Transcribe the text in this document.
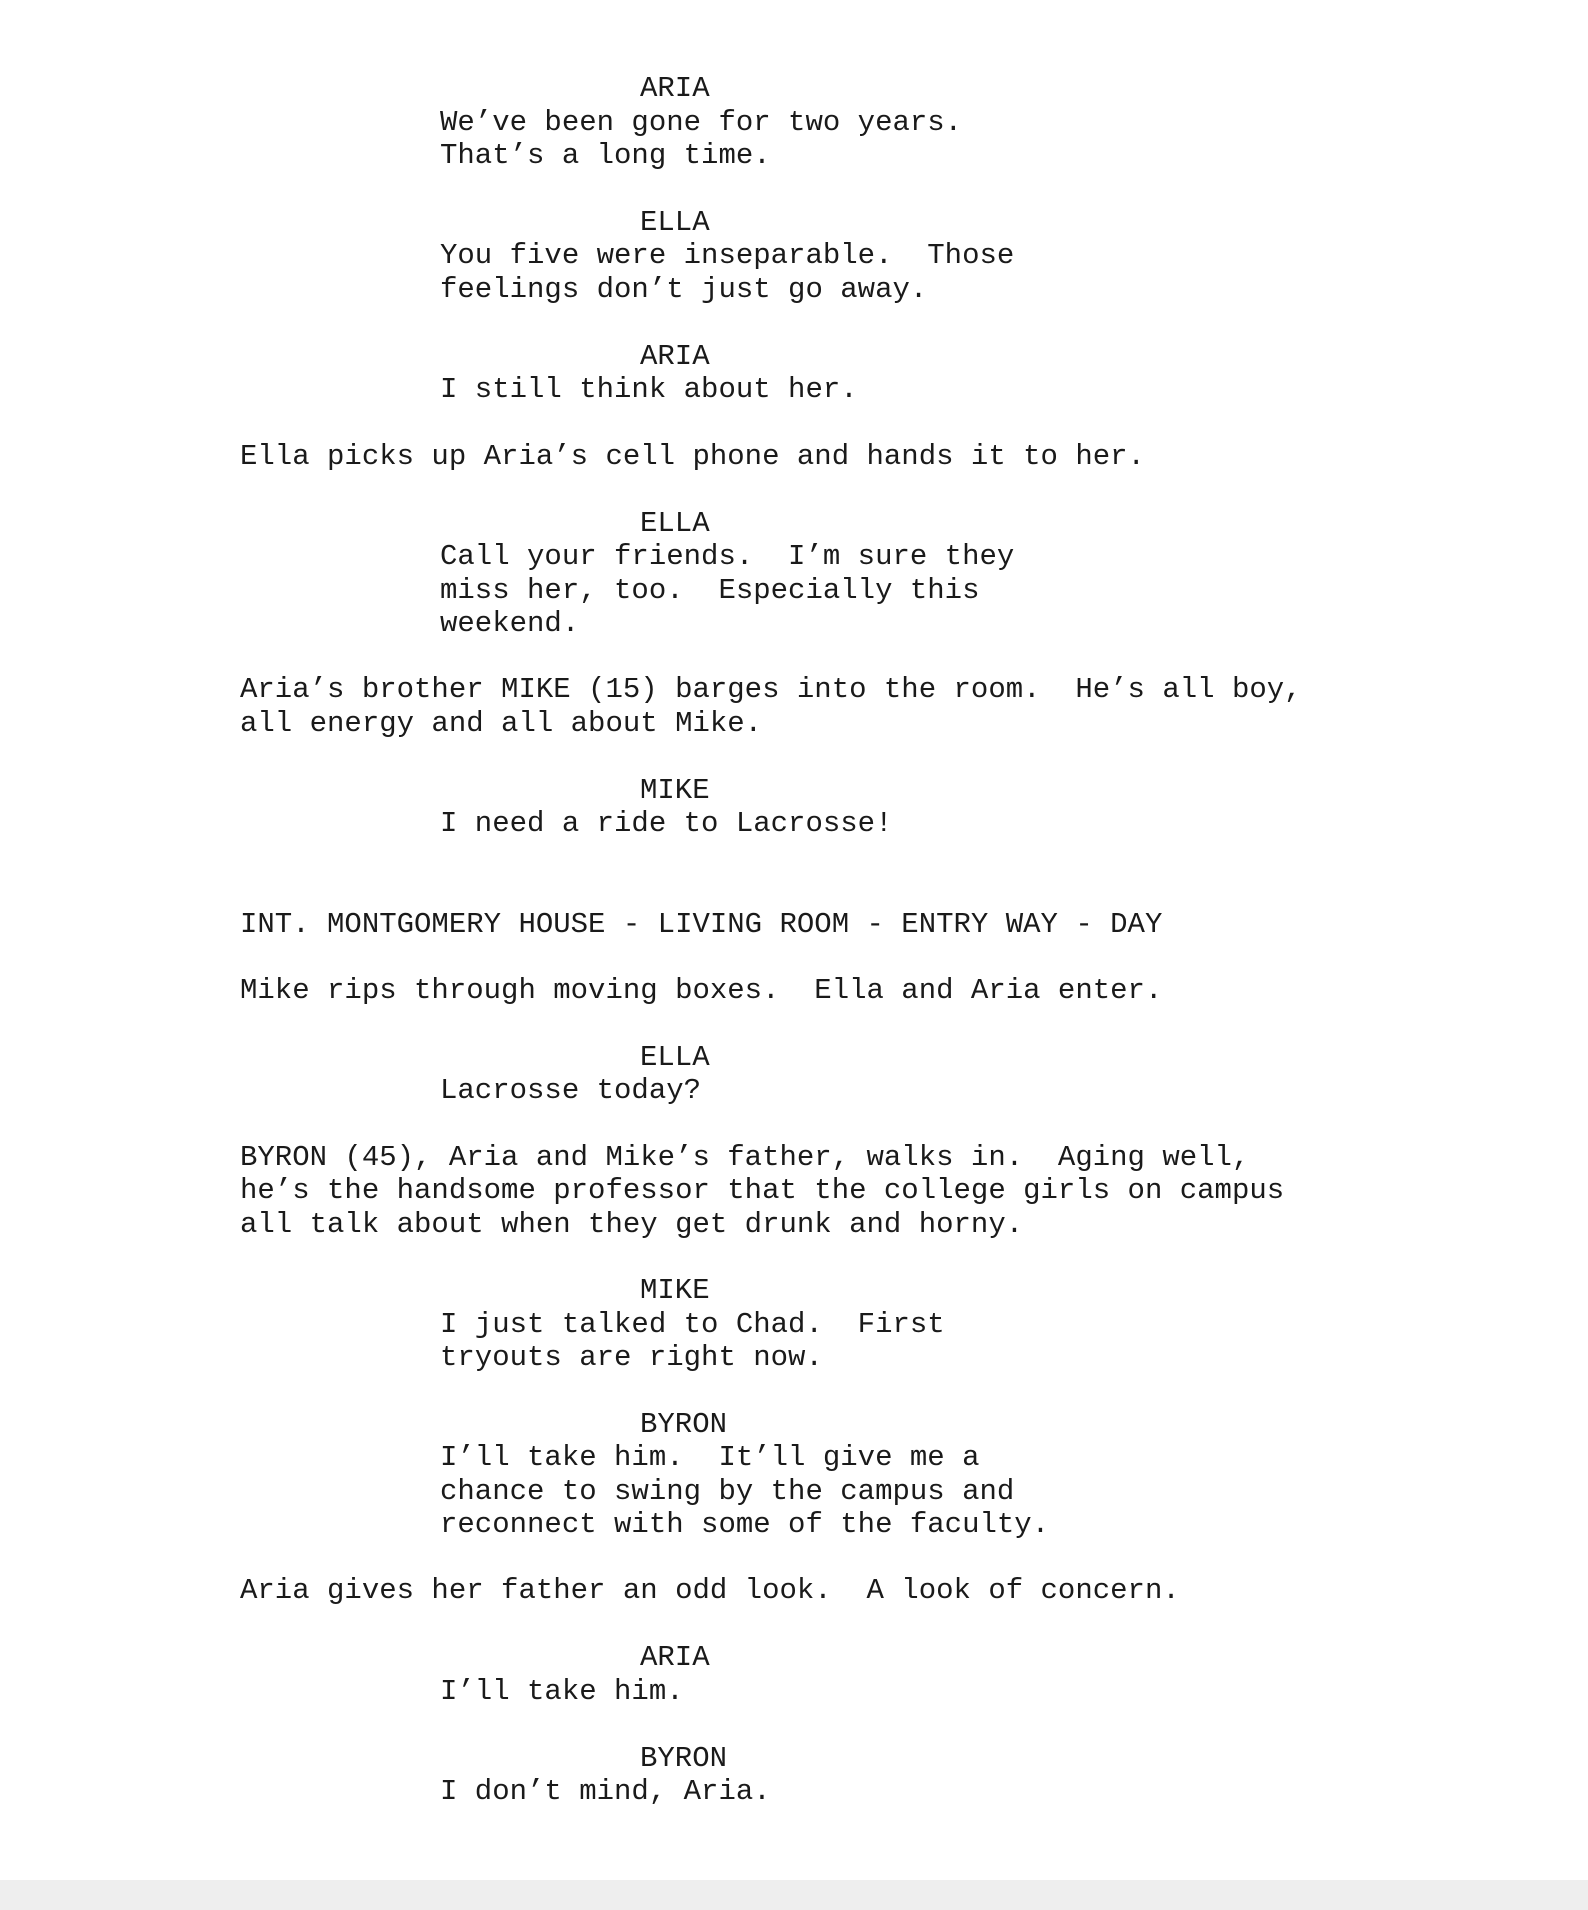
ARIA
We’ve been gone for two years.
That’s a long time.
ELLA
You five were inseparable.  Those
feelings don’t just go away.
ARIA
I still think about her.
Ella picks up Aria’s cell phone and hands it to her.
ELLA
Call your friends.  I’m sure they
miss her, too.  Especially this
weekend.
Aria’s brother MIKE (15) barges into the room.  He’s all boy,
all energy and all about Mike.
MIKE
I need a ride to Lacrosse!
INT. MONTGOMERY HOUSE - LIVING ROOM - ENTRY WAY - DAY
Mike rips through moving boxes.  Ella and Aria enter.
ELLA
Lacrosse today?
BYRON (45), Aria and Mike’s father, walks in.  Aging well,
he’s the handsome professor that the college girls on campus
all talk about when they get drunk and horny.
MIKE
I just talked to Chad.  First
tryouts are right now.
BYRON
I’ll take him.  It’ll give me a
chance to swing by the campus and
reconnect with some of the faculty.
Aria gives her father an odd look.  A look of concern.
ARIA
I’ll take him.
BYRON
I don’t mind, Aria.
